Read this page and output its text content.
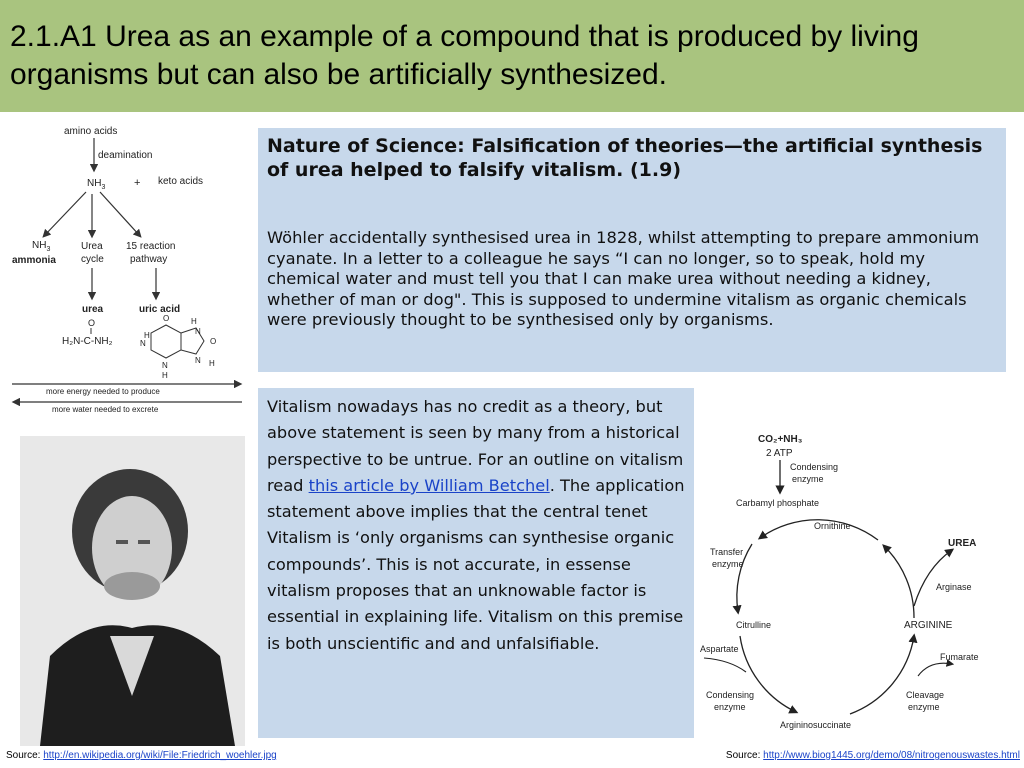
2.1.A1 Urea as an example of a compound that is produced by living organisms but can also be artificially synthesized.
amino acids
deamination
$NH_3$	+ keto acids
$NH_3$
ammonia
Urea
cycle
15 reaction
pathway
urea	uric acid
O
H₂N-C-NH₂
O
H
N
H
N
O
N
H
N H
more energy needed to produce
more water needed to excrete
Nature of Science: Falsification of theories—the artificial synthesis of urea helped to falsify vitalism. (1.9)
Wöhler accidentally synthesised urea in 1828, whilst attempting to prepare ammonium cyanate. In a letter to a colleague he says “I can no longer, so to speak, hold my chemical water and must tell you that I can make urea without needing a kidney, whether of man or dog". This is supposed to undermine vitalism as organic chemicals were previously thought to be synthesised only by organisms.
Vitalism nowadays has no credit as a theory, but above statement is seen by many from a historical perspective to be untrue. For an outline on vitalism read this article by William Betchel. The application statement above implies that the central tenet Vitalism is ‘only organisms can synthesise organic compounds’. This is not accurate, in essense vitalism proposes that an unknowable factor is essential in explaining life. Vitalism on this premise is both unscientific and and unfalsifiable.
CO₂+NH₃
2 ATP
Condensing
enzyme
Carbamyl phosphate
Ornithine
Transfer
enzyme
UREA
Arginase
Citrulline	ARGININE
Aspartate
Fumarate
Condensing
enzyme
Cleavage
enzyme
Argininosuccinate
Source: http://en.wikipedia.org/wiki/File:Friedrich_woehler.jpg	Source: http://www.biog1445.org/demo/08/nitrogenouswastes.html
